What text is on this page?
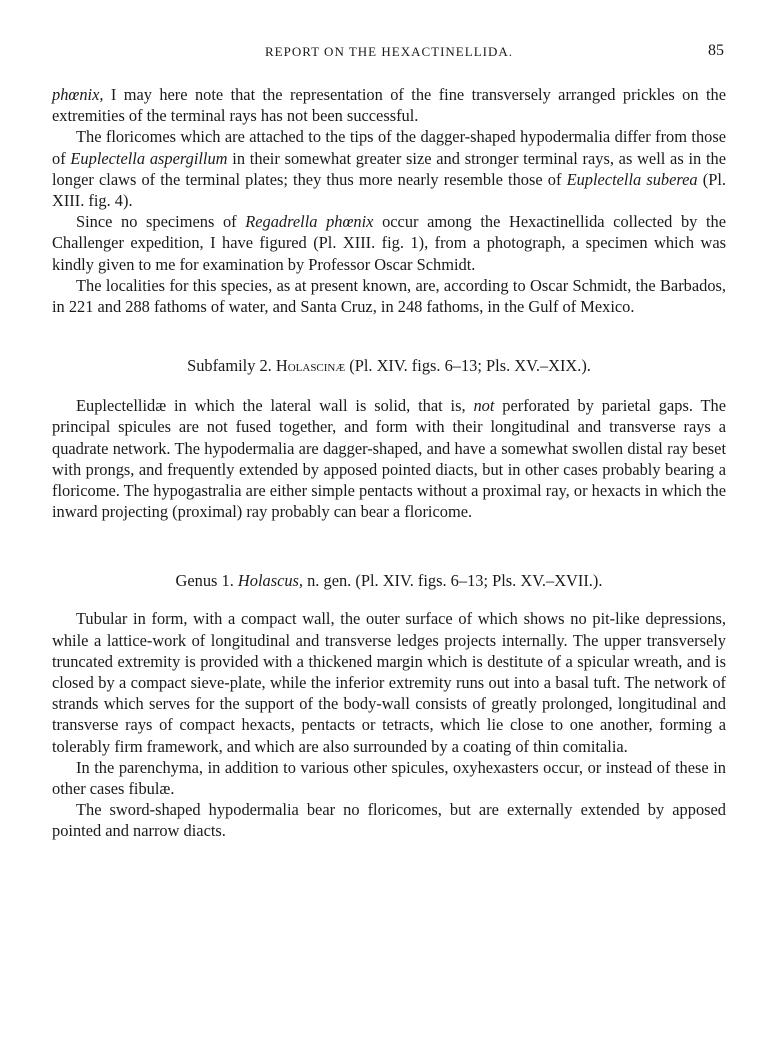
REPORT ON THE HEXACTINELLIDA.	85

phœnix, I may here note that the representation of the fine transversely arranged prickles on the extremities of the terminal rays has not been successful.

The floricomes which are attached to the tips of the dagger-shaped hypodermalia differ from those of Euplectella aspergillum in their somewhat greater size and stronger terminal rays, as well as in the longer claws of the terminal plates; they thus more nearly resemble those of Euplectella suberea (Pl. XIII. fig. 4).

Since no specimens of Regadrella phœnix occur among the Hexactinellida collected by the Challenger expedition, I have figured (Pl. XIII. fig. 1), from a photograph, a specimen which was kindly given to me for examination by Professor Oscar Schmidt.

The localities for this species, as at present known, are, according to Oscar Schmidt, the Barbados, in 221 and 288 fathoms of water, and Santa Cruz, in 248 fathoms, in the Gulf of Mexico.

Subfamily 2. Holascinæ (Pl. XIV. figs. 6–13; Pls. XV.–XIX.).

Euplectellidæ in which the lateral wall is solid, that is, not perforated by parietal gaps. The principal spicules are not fused together, and form with their longitudinal and transverse rays a quadrate network. The hypodermalia are dagger-shaped, and have a somewhat swollen distal ray beset with prongs, and frequently extended by apposed pointed diacts, but in other cases probably bearing a floricome. The hypogastralia are either simple pentacts without a proximal ray, or hexacts in which the inward projecting (proximal) ray probably can bear a floricome.

Genus 1. Holascus, n. gen. (Pl. XIV. figs. 6–13; Pls. XV.–XVII.).

Tubular in form, with a compact wall, the outer surface of which shows no pit-like depressions, while a lattice-work of longitudinal and transverse ledges projects internally. The upper transversely truncated extremity is provided with a thickened margin which is destitute of a spicular wreath, and is closed by a compact sieve-plate, while the inferior extremity runs out into a basal tuft. The network of strands which serves for the support of the body-wall consists of greatly prolonged, longitudinal and transverse rays of compact hexacts, pentacts or tetracts, which lie close to one another, forming a tolerably firm framework, and which are also surrounded by a coating of thin comitalia.

In the parenchyma, in addition to various other spicules, oxyhexasters occur, or instead of these in other cases fibulæ.

The sword-shaped hypodermalia bear no floricomes, but are externally extended by apposed pointed and narrow diacts.
